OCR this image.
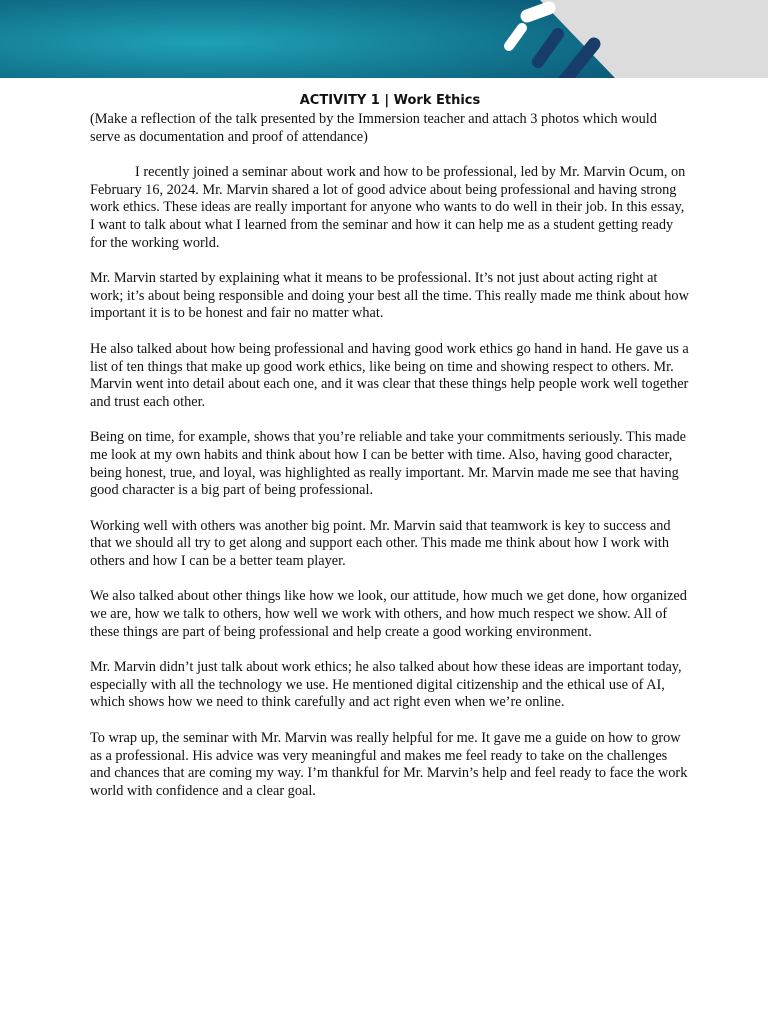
ACTIVITY 1 | Work Ethics

(Make a reflection of the talk presented by the Immersion teacher and attach 3 photos which would serve as documentation and proof of attendance)

I recently joined a seminar about work and how to be professional, led by Mr. Marvin Ocum, on February 16, 2024. Mr. Marvin shared a lot of good advice about being professional and having strong work ethics. These ideas are really important for anyone who wants to do well in their job. In this essay, I want to talk about what I learned from the seminar and how it can help me as a student getting ready for the working world.

Mr. Marvin started by explaining what it means to be professional. It’s not just about acting right at work; it’s about being responsible and doing your best all the time. This really made me think about how important it is to be honest and fair no matter what.

He also talked about how being professional and having good work ethics go hand in hand. He gave us a list of ten things that make up good work ethics, like being on time and showing respect to others. Mr. Marvin went into detail about each one, and it was clear that these things help people work well together and trust each other.

Being on time, for example, shows that you’re reliable and take your commitments seriously. This made me look at my own habits and think about how I can be better with time. Also, having good character, being honest, true, and loyal, was highlighted as really important. Mr. Marvin made me see that having good character is a big part of being professional.

Working well with others was another big point. Mr. Marvin said that teamwork is key to success and that we should all try to get along and support each other. This made me think about how I work with others and how I can be a better team player.

We also talked about other things like how we look, our attitude, how much we get done, how organized we are, how we talk to others, how well we work with others, and how much respect we show. All of these things are part of being professional and help create a good working environment.

Mr. Marvin didn’t just talk about work ethics; he also talked about how these ideas are important today, especially with all the technology we use. He mentioned digital citizenship and the ethical use of AI, which shows how we need to think carefully and act right even when we’re online.

To wrap up, the seminar with Mr. Marvin was really helpful for me. It gave me a guide on how to grow as a professional. His advice was very meaningful and makes me feel ready to take on the challenges and chances that are coming my way. I’m thankful for Mr. Marvin’s help and feel ready to face the work world with confidence and a clear goal.
